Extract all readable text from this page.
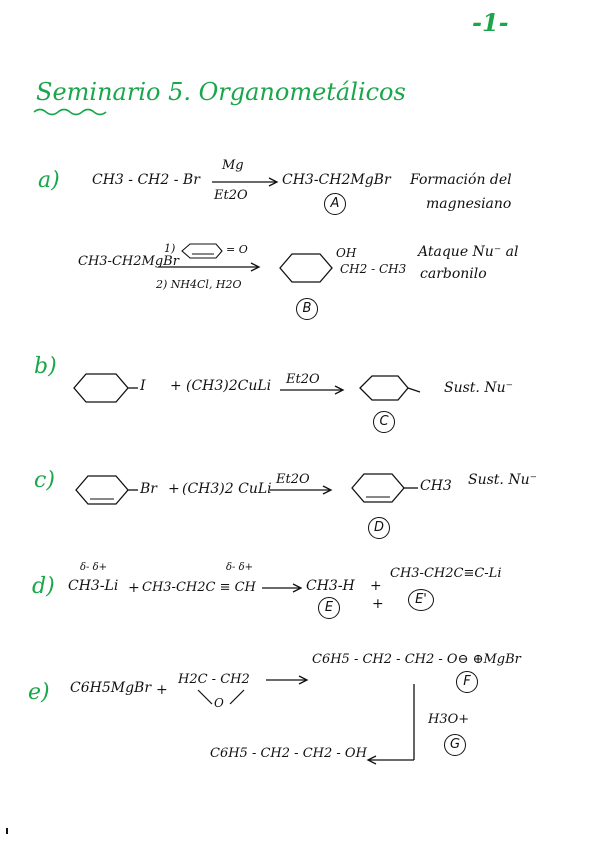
-1-
Seminario 5. Organometálicos
a) CH3 - CH2 - Br
Mg
Et2O
CH3-CH2MgBr
A
Formación del
magnesiano
CH3-CH2MgBr
1)	= O
2) NH4Cl, H2O
OH
CH2 - CH3
B
Ataque Nu⁻ al
carbonilo
b)
I + (CH3)2CuLi Et2O
C
Sust. Nu⁻
c)	Br + (CH3)2 CuLi
Et2O	CH3
D
Sust. Nu⁻
d)
δ- δ+
CH3-Li +
δ- δ+
CH3-CH2C ≡ CH	CH3-H +
CH3-CH2C≡C-Li
E	+	E'
e) C6H5MgBr +
H2C - CH2
O
C6H5 - CH2 - CH2 - O⊖ ⊕MgBr
F
H3O+
G
C6H5 - CH2 - CH2 - OH
